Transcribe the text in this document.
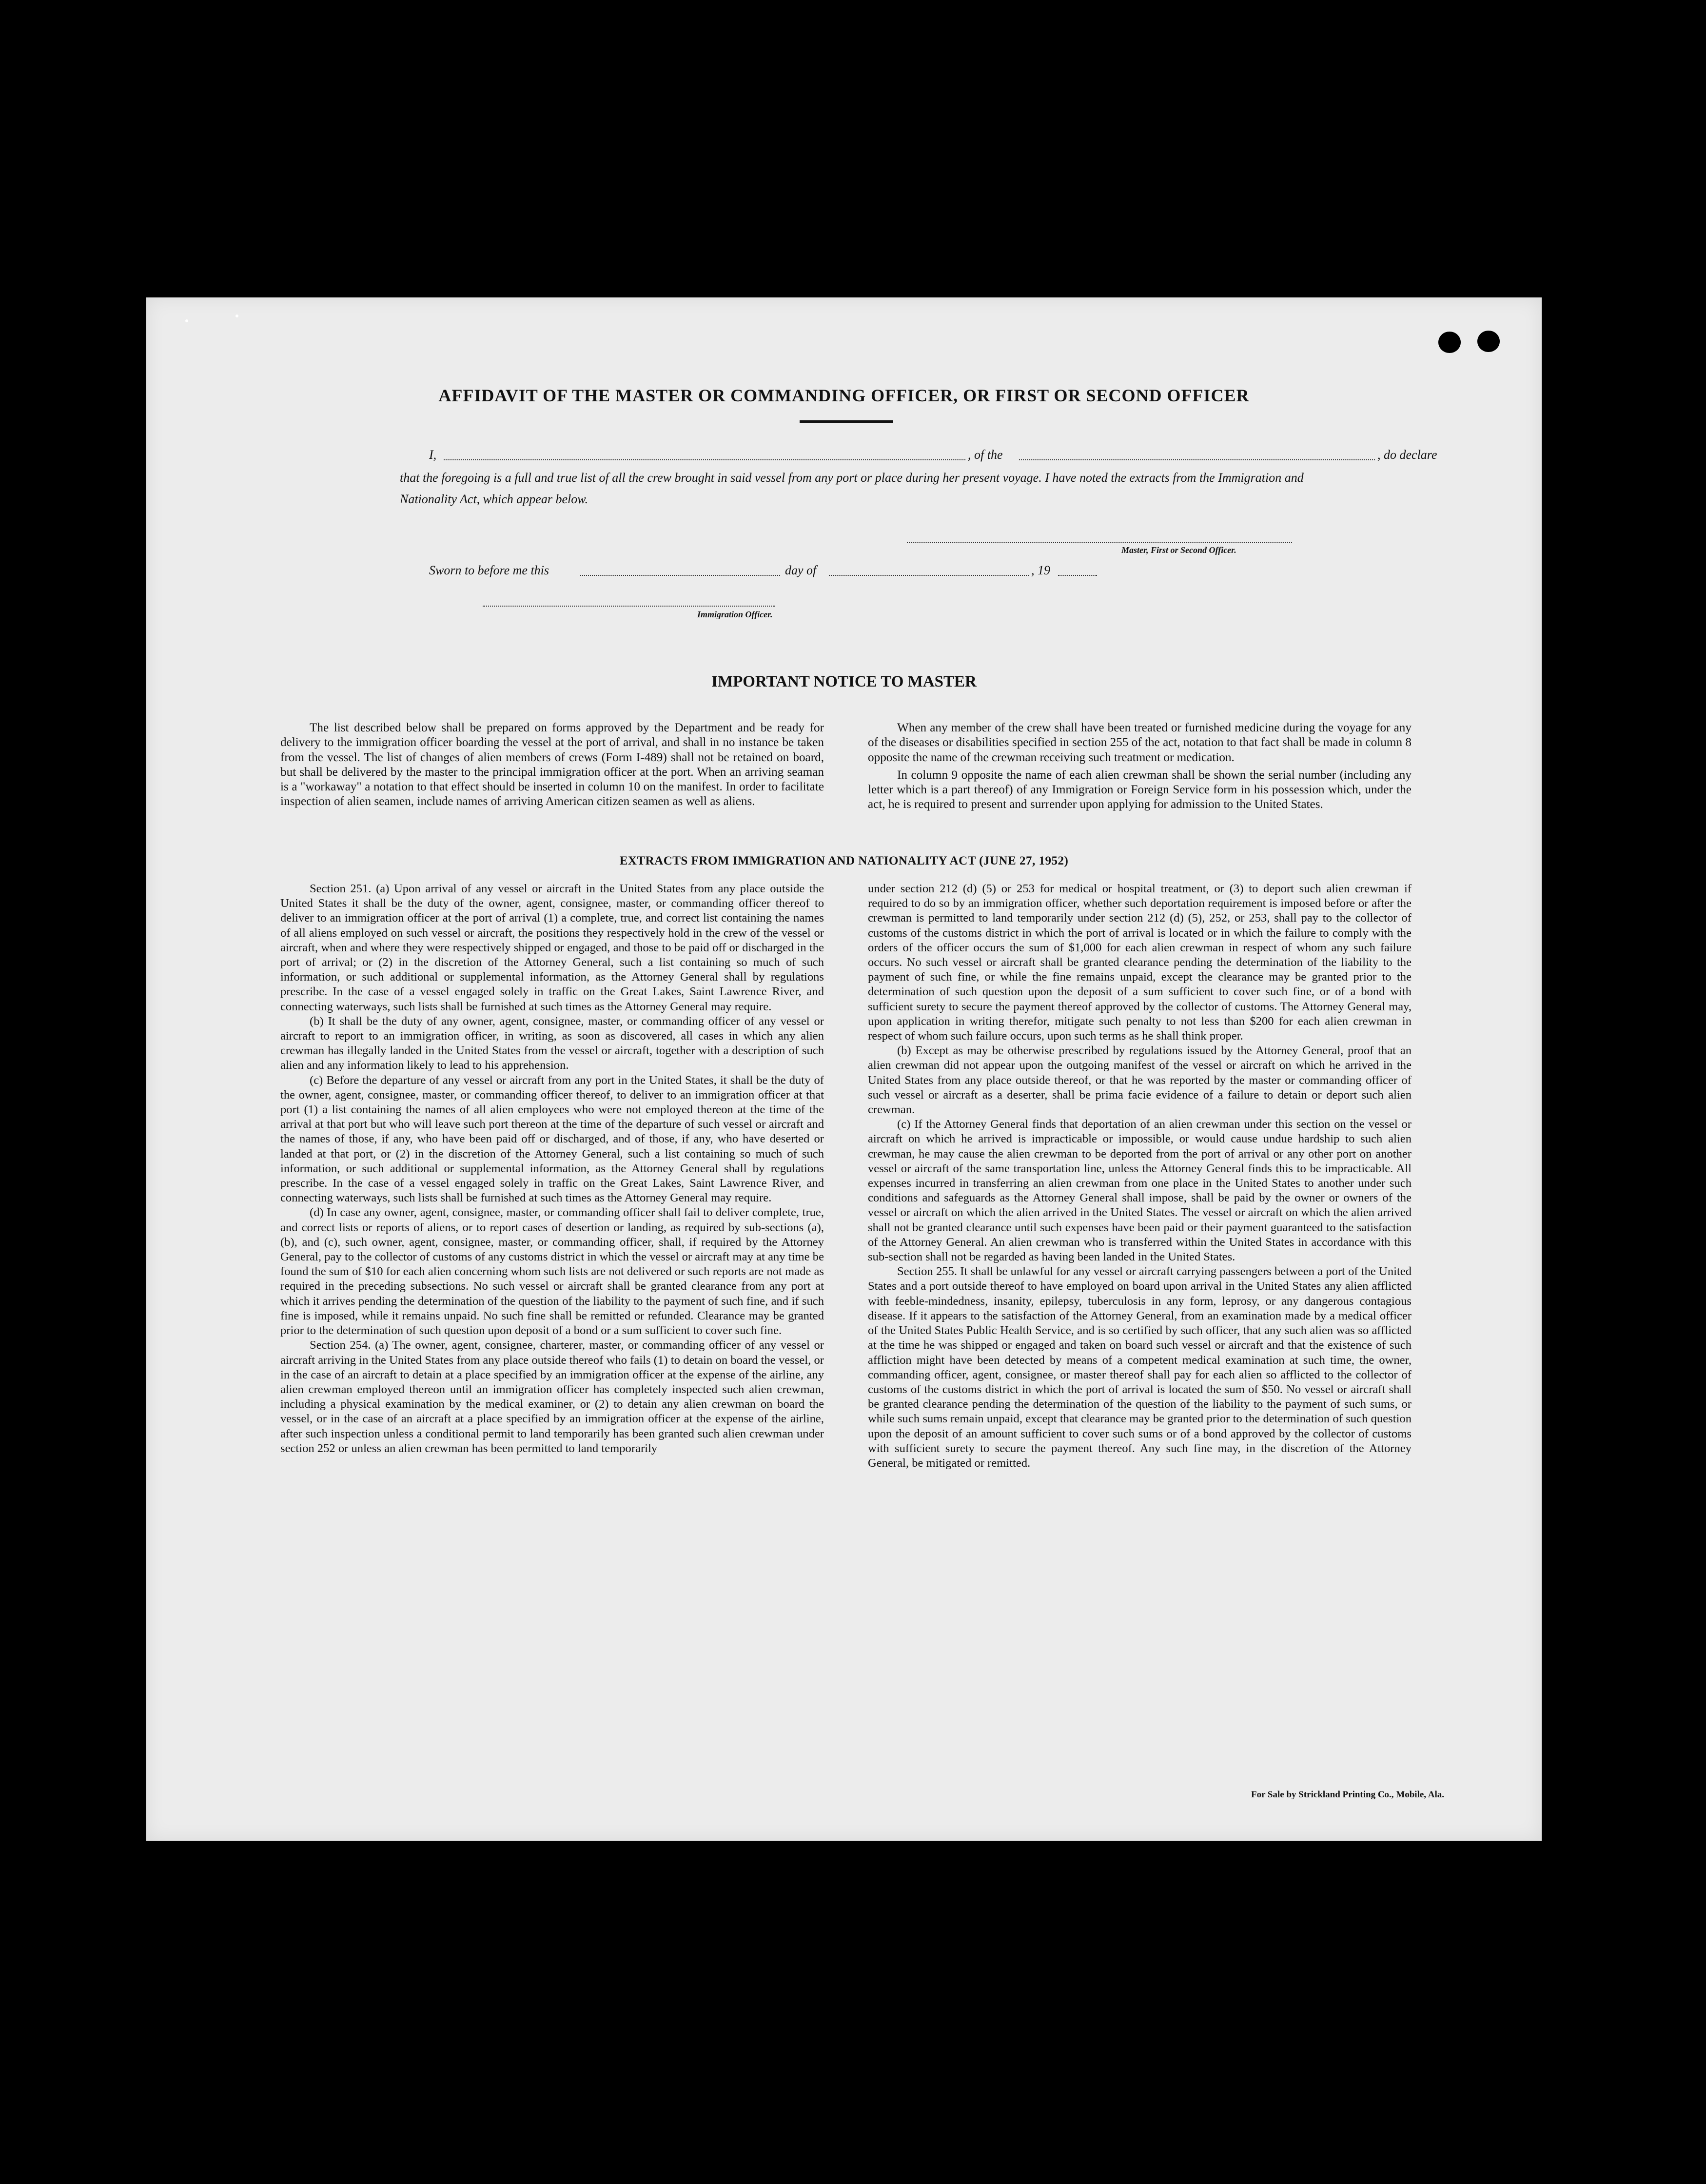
AFFIDAVIT OF THE MASTER OR COMMANDING OFFICER, OR FIRST OR SECOND OFFICER
I,	, of the	, do declare
that the foregoing is a full and true list of all the crew brought in said vessel from any port or place during her present voyage. I have noted the extracts from the Immigration and Nationality Act, which appear below.
Master, First or Second Officer.
Sworn to before me this	day of	, 19
Immigration Officer.
IMPORTANT NOTICE TO MASTER

The list described below shall be prepared on forms approved by the Department and be ready for delivery to the immigration officer boarding the vessel at the port of arrival, and shall in no instance be taken from the vessel. The list of changes of alien members of crews (Form I-489) shall not be retained on board, but shall be delivered by the master to the principal immigration officer at the port. When an arriving seaman is a "workaway" a notation to that effect should be inserted in column 10 on the manifest. In order to facilitate inspection of alien seamen, include names of arriving American citizen seamen as well as aliens.

When any member of the crew shall have been treated or furnished medicine during the voyage for any of the diseases or disabilities specified in section 255 of the act, notation to that fact shall be made in column 8 opposite the name of the crewman receiving such treatment or medication.

In column 9 opposite the name of each alien crewman shall be shown the serial number (including any letter which is a part thereof) of any Immigration or Foreign Service form in his possession which, under the act, he is required to present and surrender upon applying for admission to the United States.

EXTRACTS FROM IMMIGRATION AND NATIONALITY ACT (JUNE 27, 1952)

Section 251. (a) Upon arrival of any vessel or aircraft in the United States from any place outside the United States it shall be the duty of the owner, agent, consignee, master, or commanding officer thereof to deliver to an immigration officer at the port of arrival (1) a complete, true, and correct list containing the names of all aliens employed on such vessel or aircraft, the positions they respectively hold in the crew of the vessel or aircraft, when and where they were respectively shipped or engaged, and those to be paid off or discharged in the port of arrival; or (2) in the discretion of the Attorney General, such a list containing so much of such information, or such additional or supplemental information, as the Attorney General shall by regulations prescribe. In the case of a vessel engaged solely in traffic on the Great Lakes, Saint Lawrence River, and connecting waterways, such lists shall be furnished at such times as the Attorney General may require.

(b) It shall be the duty of any owner, agent, consignee, master, or commanding officer of any vessel or aircraft to report to an immigration officer, in writing, as soon as discovered, all cases in which any alien crewman has illegally landed in the United States from the vessel or aircraft, together with a description of such alien and any information likely to lead to his apprehension.

(c) Before the departure of any vessel or aircraft from any port in the United States, it shall be the duty of the owner, agent, consignee, master, or commanding officer thereof, to deliver to an immigration officer at that port (1) a list containing the names of all alien employees who were not employed thereon at the time of the arrival at that port but who will leave such port thereon at the time of the departure of such vessel or aircraft and the names of those, if any, who have been paid off or discharged, and of those, if any, who have deserted or landed at that port, or (2) in the discretion of the Attorney General, such a list containing so much of such information, or such additional or supplemental information, as the Attorney General shall by regulations prescribe. In the case of a vessel engaged solely in traffic on the Great Lakes, Saint Lawrence River, and connecting waterways, such lists shall be furnished at such times as the Attorney General may require.

(d) In case any owner, agent, consignee, master, or commanding officer shall fail to deliver complete, true, and correct lists or reports of aliens, or to report cases of desertion or landing, as required by sub-sections (a), (b), and (c), such owner, agent, consignee, master, or commanding officer, shall, if required by the Attorney General, pay to the collector of customs of any customs district in which the vessel or aircraft may at any time be found the sum of $10 for each alien concerning whom such lists are not delivered or such reports are not made as required in the preceding subsections. No such vessel or aircraft shall be granted clearance from any port at which it arrives pending the determination of the question of the liability to the payment of such fine, and if such fine is imposed, while it remains unpaid. No such fine shall be remitted or refunded. Clearance may be granted prior to the determination of such question upon deposit of a bond or a sum sufficient to cover such fine.

Section 254. (a) The owner, agent, consignee, charterer, master, or commanding officer of any vessel or aircraft arriving in the United States from any place outside thereof who fails (1) to detain on board the vessel, or in the case of an aircraft to detain at a place specified by an immigration officer at the expense of the airline, any alien crewman employed thereon until an immigration officer has completely inspected such alien crewman, including a physical examination by the medical examiner, or (2) to detain any alien crewman on board the vessel, or in the case of an aircraft at a place specified by an immigration officer at the expense of the airline, after such inspection unless a conditional permit to land temporarily has been granted such alien crewman under section 252 or unless an alien crewman has been permitted to land temporarily

under section 212 (d) (5) or 253 for medical or hospital treatment, or (3) to deport such alien crewman if required to do so by an immigration officer, whether such deportation requirement is imposed before or after the crewman is permitted to land temporarily under section 212 (d) (5), 252, or 253, shall pay to the collector of customs of the customs district in which the port of arrival is located or in which the failure to comply with the orders of the officer occurs the sum of $1,000 for each alien crewman in respect of whom any such failure occurs. No such vessel or aircraft shall be granted clearance pending the determination of the liability to the payment of such fine, or while the fine remains unpaid, except the clearance may be granted prior to the determination of such question upon the deposit of a sum sufficient to cover such fine, or of a bond with sufficient surety to secure the payment thereof approved by the collector of customs. The Attorney General may, upon application in writing therefor, mitigate such penalty to not less than $200 for each alien crewman in respect of whom such failure occurs, upon such terms as he shall think proper.

(b) Except as may be otherwise prescribed by regulations issued by the Attorney General, proof that an alien crewman did not appear upon the outgoing manifest of the vessel or aircraft on which he arrived in the United States from any place outside thereof, or that he was reported by the master or commanding officer of such vessel or aircraft as a deserter, shall be prima facie evidence of a failure to detain or deport such alien crewman.

(c) If the Attorney General finds that deportation of an alien crewman under this section on the vessel or aircraft on which he arrived is impracticable or impossible, or would cause undue hardship to such alien crewman, he may cause the alien crewman to be deported from the port of arrival or any other port on another vessel or aircraft of the same transportation line, unless the Attorney General finds this to be impracticable. All expenses incurred in transferring an alien crewman from one place in the United States to another under such conditions and safeguards as the Attorney General shall impose, shall be paid by the owner or owners of the vessel or aircraft on which the alien arrived in the United States. The vessel or aircraft on which the alien arrived shall not be granted clearance until such expenses have been paid or their payment guaranteed to the satisfaction of the Attorney General. An alien crewman who is transferred within the United States in accordance with this sub-section shall not be regarded as having been landed in the United States.

Section 255. It shall be unlawful for any vessel or aircraft carrying passengers between a port of the United States and a port outside thereof to have employed on board upon arrival in the United States any alien afflicted with feeble-mindedness, insanity, epilepsy, tuberculosis in any form, leprosy, or any dangerous contagious disease. If it appears to the satisfaction of the Attorney General, from an examination made by a medical officer of the United States Public Health Service, and is so certified by such officer, that any such alien was so afflicted at the time he was shipped or engaged and taken on board such vessel or aircraft and that the existence of such affliction might have been detected by means of a competent medical examination at such time, the owner, commanding officer, agent, consignee, or master thereof shall pay for each alien so afflicted to the collector of customs of the customs district in which the port of arrival is located the sum of $50. No vessel or aircraft shall be granted clearance pending the determination of the question of the liability to the payment of such sums, or while such sums remain unpaid, except that clearance may be granted prior to the determination of such question upon the deposit of an amount sufficient to cover such sums or of a bond approved by the collector of customs with sufficient surety to secure the payment thereof. Any such fine may, in the discretion of the Attorney General, be mitigated or remitted.

For Sale by Strickland Printing Co., Mobile, Ala.
